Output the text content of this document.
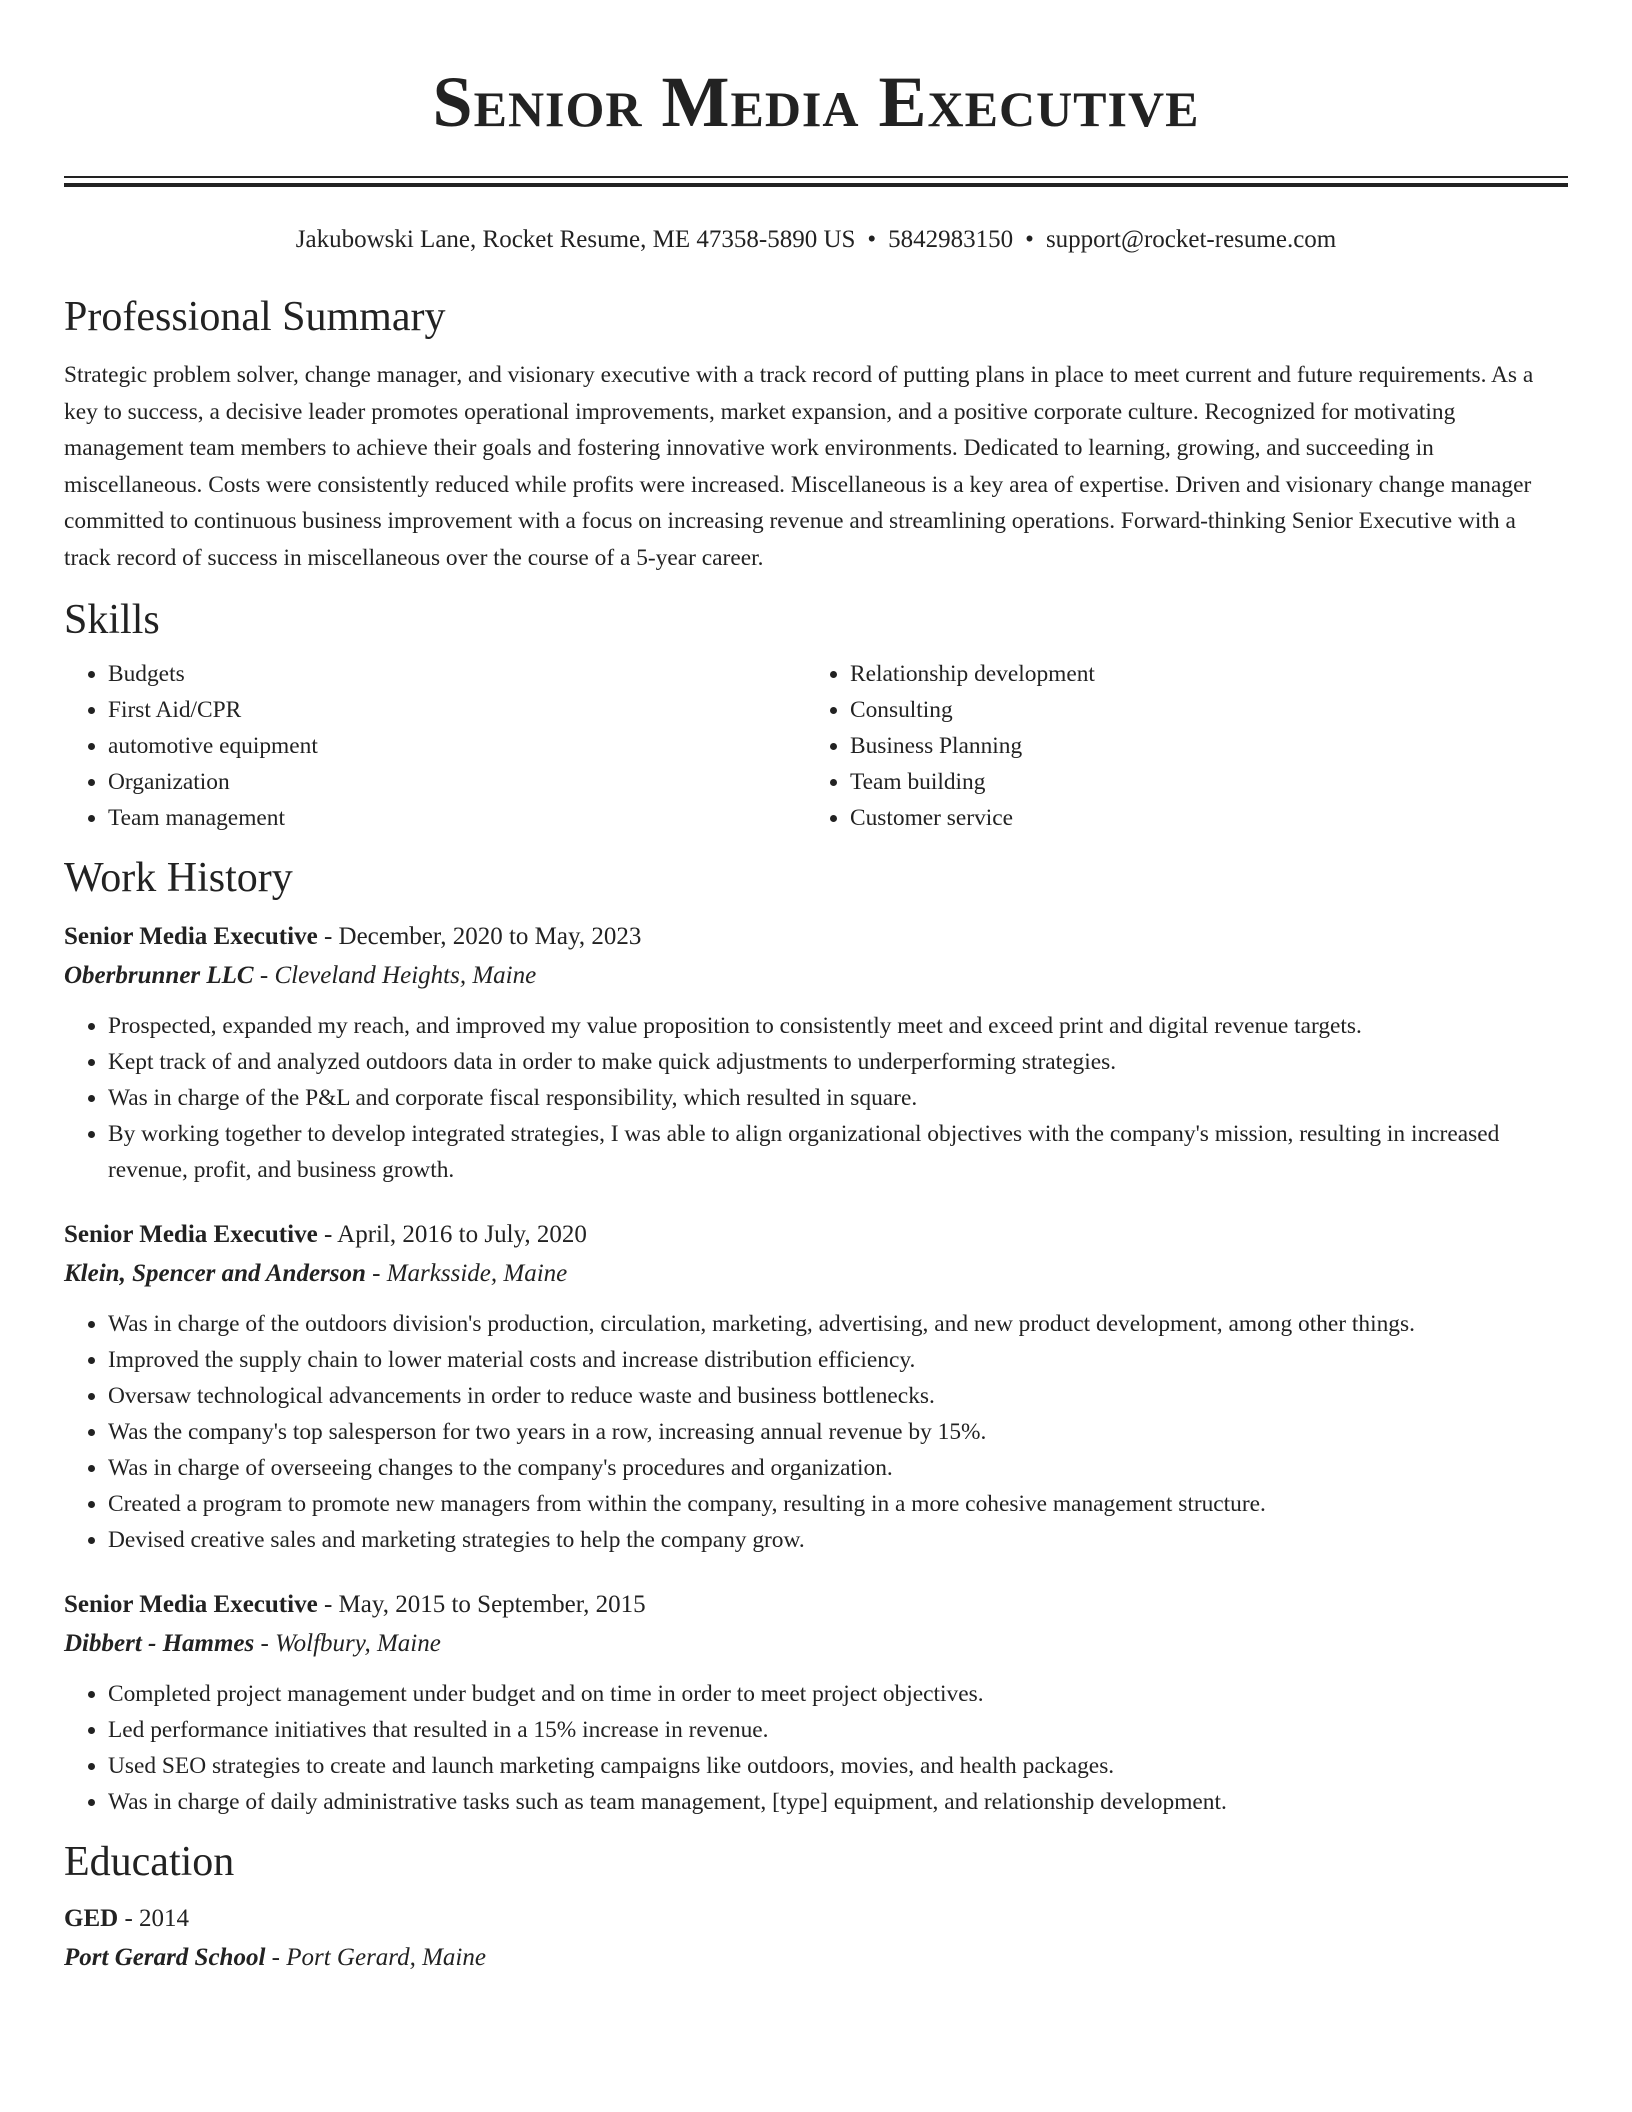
Senior Media Executive
Jakubowski Lane, Rocket Resume, ME 47358-5890 US • 5842983150 • support@rocket-resume.com
Professional Summary

Strategic problem solver, change manager, and visionary executive with a track record of putting plans in place to meet current and future requirements. As a key to success, a decisive leader promotes operational improvements, market expansion, and a positive corporate culture. Recognized for motivating management team members to achieve their goals and fostering innovative work environments. Dedicated to learning, growing, and succeeding in miscellaneous. Costs were consistently reduced while profits were increased. Miscellaneous is a key area of expertise. Driven and visionary change manager committed to continuous business improvement with a focus on increasing revenue and streamlining operations. Forward-thinking Senior Executive with a track record of success in miscellaneous over the course of a 5-year career.

Skills
• Budgets
• First Aid/CPR
• automotive equipment
• Organization
• Team management
• Relationship development
• Consulting
• Business Planning
• Team building
• Customer service
Work History
Senior Media Executive - December, 2020 to May, 2023
Oberbrunner LLC - Cleveland Heights, Maine
• Prospected, expanded my reach, and improved my value proposition to consistently meet and exceed print and digital revenue targets.
• Kept track of and analyzed outdoors data in order to make quick adjustments to underperforming strategies.
• Was in charge of the P&L and corporate fiscal responsibility, which resulted in square.
• By working together to develop integrated strategies, I was able to align organizational objectives with the company's mission, resulting in increased revenue, profit, and business growth.
Senior Media Executive - April, 2016 to July, 2020
Klein, Spencer and Anderson - Marksside, Maine
• Was in charge of the outdoors division's production, circulation, marketing, advertising, and new product development, among other things.
• Improved the supply chain to lower material costs and increase distribution efficiency.
• Oversaw technological advancements in order to reduce waste and business bottlenecks.
• Was the company's top salesperson for two years in a row, increasing annual revenue by 15%.
• Was in charge of overseeing changes to the company's procedures and organization.
• Created a program to promote new managers from within the company, resulting in a more cohesive management structure.
• Devised creative sales and marketing strategies to help the company grow.
Senior Media Executive - May, 2015 to September, 2015
Dibbert - Hammes - Wolfbury, Maine
• Completed project management under budget and on time in order to meet project objectives.
• Led performance initiatives that resulted in a 15% increase in revenue.
• Used SEO strategies to create and launch marketing campaigns like outdoors, movies, and health packages.
• Was in charge of daily administrative tasks such as team management, [type] equipment, and relationship development.
Education
GED - 2014
Port Gerard School - Port Gerard, Maine
